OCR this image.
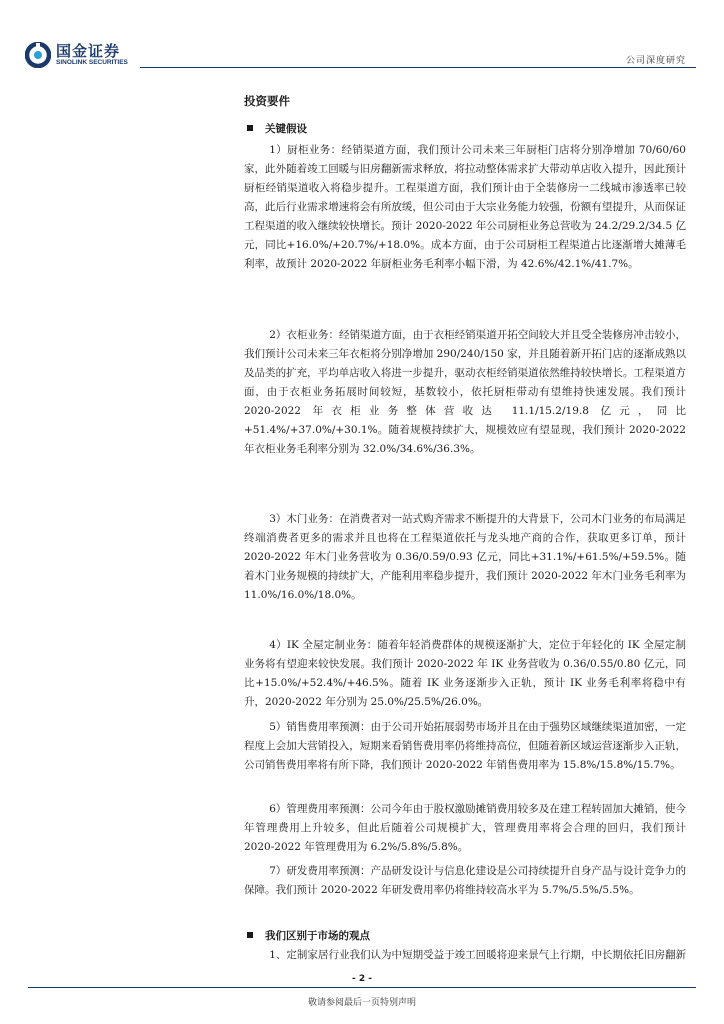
国金证券
SINOLINK SECURITIES	公司深度研究
投资要件
关键假设

1）厨柜业务：经销渠道方面，我们预计公司未来三年厨柜门店将分别净增加 70/60/60 家，此外随着竣工回暖与旧房翻新需求释放，将拉动整体需求扩大带动单店收入提升，因此预计厨柜经销渠道收入将稳步提升。工程渠道方面，我们预计由于全装修房一二线城市渗透率已较高，此后行业需求增速将会有所放缓，但公司由于大宗业务能力较强，份额有望提升，从而保证工程渠道的收入继续较快增长。预计 2020-2022 年公司厨柜业务总营收为 24.2/29.2/34.5 亿元，同比+16.0%/+20.7%/+18.0%。成本方面，由于公司厨柜工程渠道占比逐渐增大摊薄毛利率，故预计 2020-2022 年厨柜业务毛利率小幅下滑，为 42.6%/42.1%/41.7%。

2）衣柜业务：经销渠道方面，由于衣柜经销渠道开拓空间较大并且受全装修房冲击较小，我们预计公司未来三年衣柜将分别净增加 290/240/150 家，并且随着新开拓门店的逐渐成熟以及品类的扩充，平均单店收入将进一步提升，驱动衣柜经销渠道依然维持较快增长。工程渠道方面，由于衣柜业务拓展时间较短，基数较小，依托厨柜带动有望维持快速发展。我们预计 2020-2022 年衣柜业务整体营收达 11.1/15.2/19.8 亿元，同比+51.4%/+37.0%/+30.1%。随着规模持续扩大，规模效应有望显现，我们预计 2020-2022 年衣柜业务毛利率分别为 32.0%/34.6%/36.3%。

3）木门业务：在消费者对一站式购齐需求不断提升的大背景下，公司木门业务的布局满足终端消费者更多的需求并且也将在工程渠道依托与龙头地产商的合作，获取更多订单，预计 2020-2022 年木门业务营收为 0.36/0.59/0.93 亿元，同比+31.1%/+61.5%/+59.5%。随着木门业务规模的持续扩大，产能利用率稳步提升，我们预计 2020-2022 年木门业务毛利率为 11.0%/16.0%/18.0%。

4）IK 全屋定制业务：随着年轻消费群体的规模逐渐扩大，定位于年轻化的 IK 全屋定制业务将有望迎来较快发展。我们预计 2020-2022 年 IK 业务营收为 0.36/0.55/0.80 亿元，同比+15.0%/+52.4%/+46.5%。随着 IK 业务逐渐步入正轨，预计 IK 业务毛利率将稳中有升，2020-2022 年分别为 25.0%/25.5%/26.0%。

5）销售费用率预测：由于公司开始拓展弱势市场并且在由于强势区域继续渠道加密，一定程度上会加大营销投入，短期来看销售费用率仍将维持高位，但随着新区域运营逐渐步入正轨，公司销售费用率将有所下降，我们预计 2020-2022 年销售费用率为 15.8%/15.8%/15.7%。

6）管理费用率预测：公司今年由于股权激励摊销费用较多及在建工程转固加大摊销，使今年管理费用上升较多，但此后随着公司规模扩大，管理费用率将会合理的回归，我们预计 2020-2022 年管理费用为 6.2%/5.8%/5.8%。

7）研发费用率预测：产品研发设计与信息化建设是公司持续提升自身产品与设计竞争力的保障。我们预计 2020-2022 年研发费用率仍将维持较高水平为 5.7%/5.5%/5.5%。

我们区别于市场的观点

1、定制家居行业我们认为中短期受益于竣工回暖将迎来景气上行期，中长期依托旧房翻新

- 2 -
敬请参阅最后一页特别声明
